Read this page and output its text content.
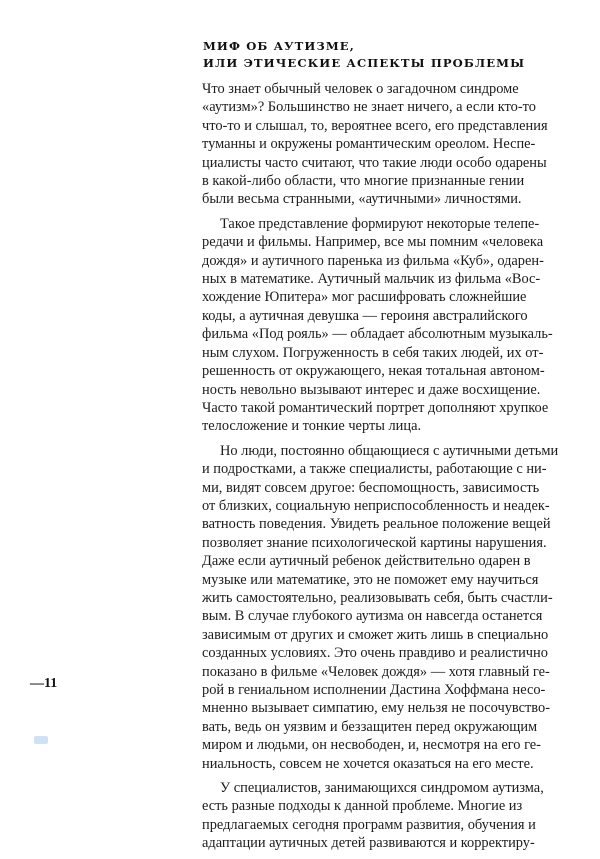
МИФ ОБ АУТИЗМЕ,
ИЛИ ЭТИЧЕСКИЕ АСПЕКТЫ ПРОБЛЕМЫ
Что знает обычный человек о загадочном синдроме
«аутизм»? Большинство не знает ничего, а если кто-то
что-то и слышал, то, вероятнее всего, его представления
туманны и окружены романтическим ореолом. Неспе-
циалисты часто считают, что такие люди особо одарены
в какой-либо области, что многие признанные гении
были весьма странными, «аутичными» личностями.
Такое представление формируют некоторые телепе-
редачи и фильмы. Например, все мы помним «человека
дождя» и аутичного паренька из фильма «Куб», одарен-
ных в математике. Аутичный мальчик из фильма «Вос-
хождение Юпитера» мог расшифровать сложнейшие
коды, а аутичная девушка — героиня австралийского
фильма «Под рояль» — обладает абсолютным музыкаль-
ным слухом. Погруженность в себя таких людей, их от-
решенность от окружающего, некая тотальная автоном-
ность невольно вызывают интерес и даже восхищение.
Часто такой романтический портрет дополняют хрупкое
телосложение и тонкие черты лица.
Но люди, постоянно общающиеся с аутичными детьми
и подростками, а также специалисты, работающие с ни-
ми, видят совсем другое: беспомощность, зависимость
от близких, социальную неприспособленность и неадек-
ватность поведения. Увидеть реальное положение вещей
позволяет знание психологической картины нарушения.
Даже если аутичный ребенок действительно одарен в
музыке или математике, это не поможет ему научиться
жить самостоятельно, реализовывать себя, быть счастли-
вым. В случае глубокого аутизма он навсегда останется
зависимым от других и сможет жить лишь в специально
созданных условиях. Это очень правдиво и реалистично
показано в фильме «Человек дождя» — хотя главный ге-
рой в гениальном исполнении Дастина Хоффмана несо-
мненно вызывает симпатию, ему нельзя не посочувство-
вать, ведь он уязвим и беззащитен перед окружающим
миром и людьми, он несвободен, и, несмотря на его ге-
ниальность, совсем не хочется оказаться на его месте.
У специалистов, занимающихся синдромом аутизма,
есть разные подходы к данной проблеме. Многие из
предлагаемых сегодня программ развития, обучения и
адаптации аутичных детей развиваются и корректиру-
—11
